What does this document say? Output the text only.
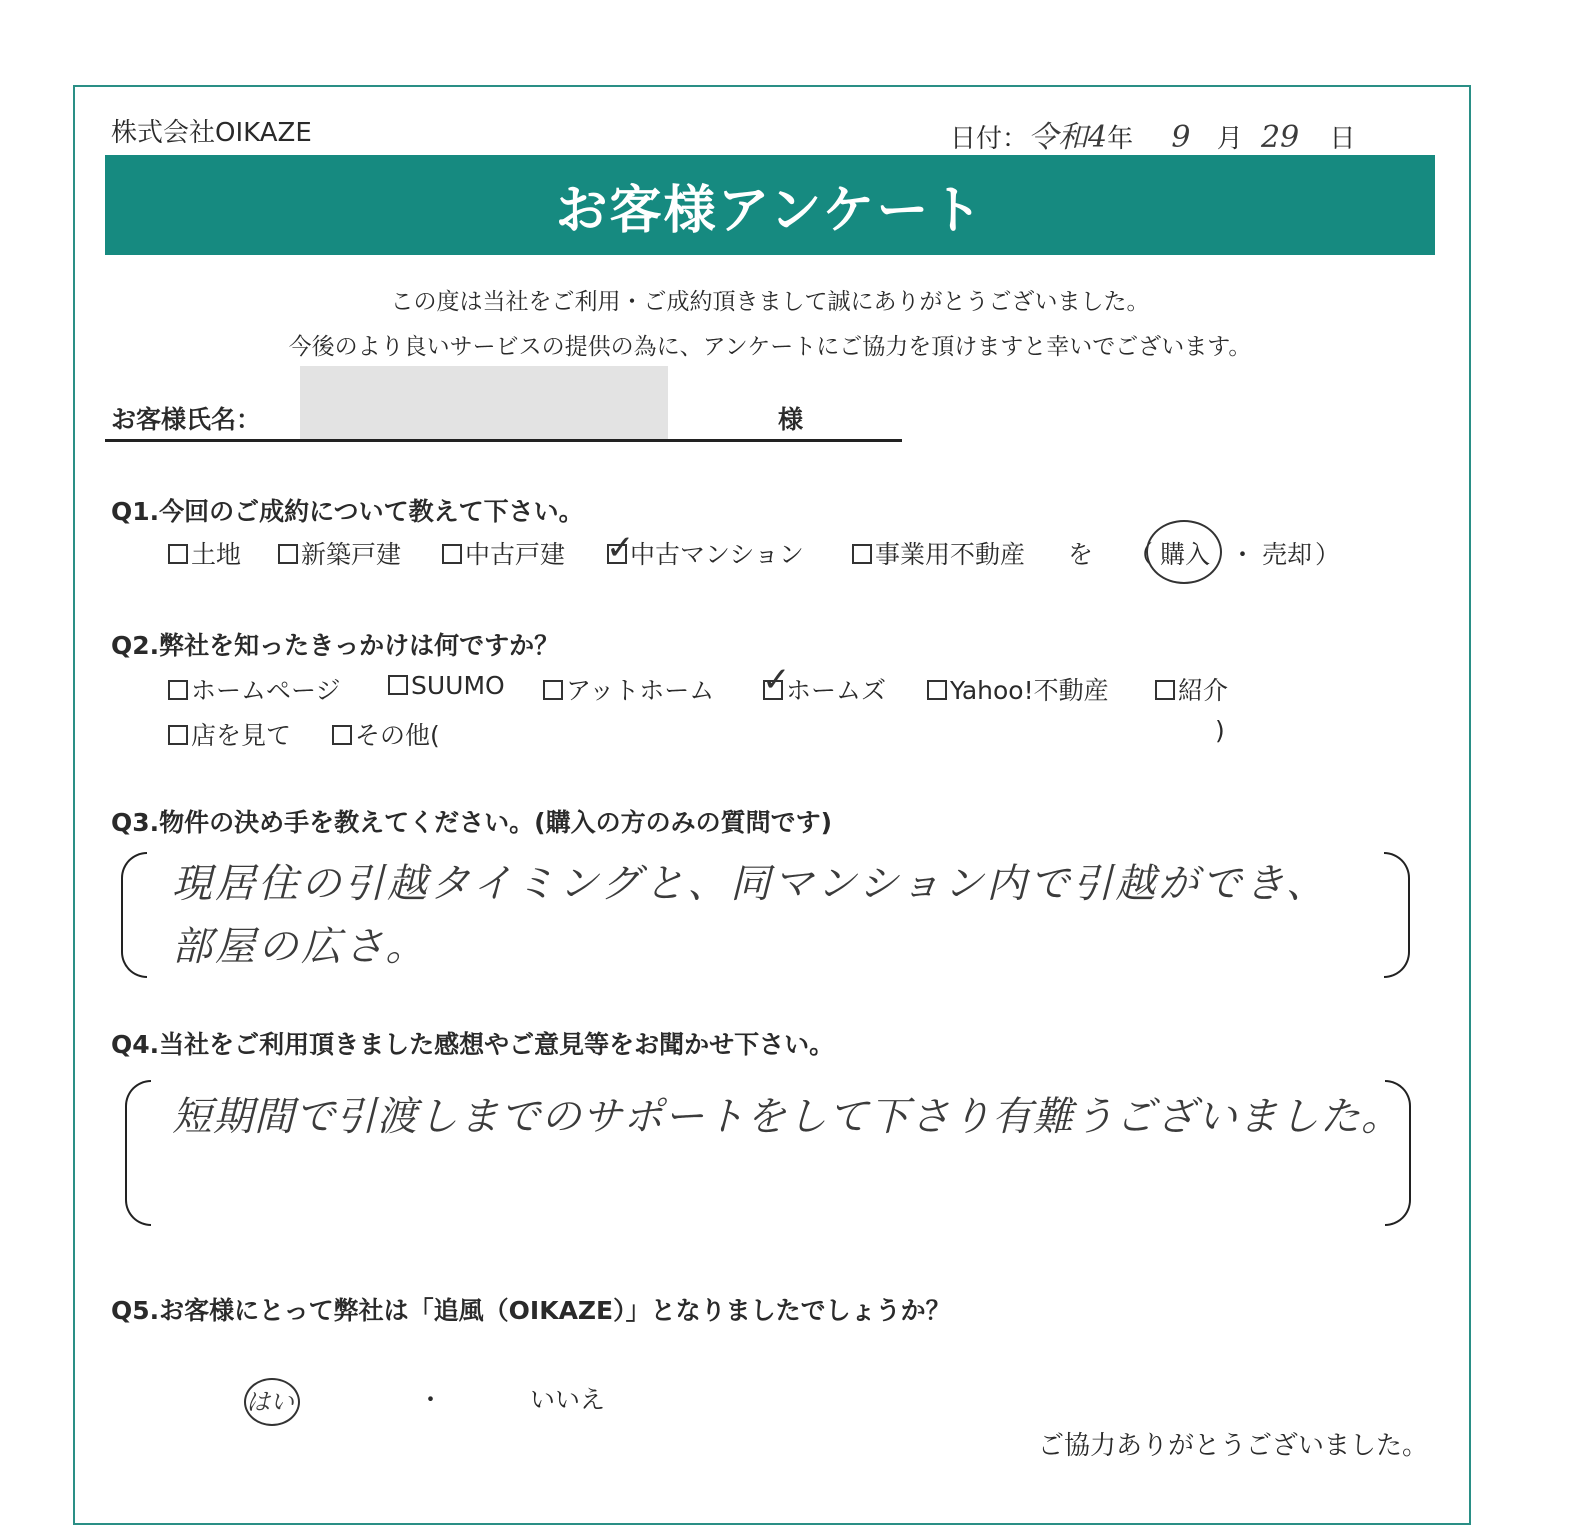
株式会社OIKAZE	日付：令和4年 9 月 29 日
お客様アンケート
この度は当社をご利用・ご成約頂きまして誠にありがとうございました。
今後のより良いサービスの提供の為に、アンケートにご協力を頂けますと幸いでございます。
お客様氏名：	様
Q1.今回のご成約について教えて下さい。
土地	新築戸建	中古戸建	中古マンション
✓	事業用不動産 を （ 購入 ・ 売却 ）
Q2.弊社を知ったきっかけは何ですか？
ホームページ	SUUMO	アットホーム	ホームズ
✓	Yahoo!不動産	紹介
店を見て	その他(	)
Q3.物件の決め手を教えてください。(購入の方のみの質問です)
現居住の引越タイミングと、同マンション内で引越ができ、
部屋の広さ。
Q4.当社をご利用頂きました感想やご意見等をお聞かせ下さい。
短期間で引渡しまでのサポートをして下さり有難うございました。
Q5.お客様にとって弊社は「追風（OIKAZE）」となりましたでしょうか？
はい	・	いいえ
ご協力ありがとうございました。
